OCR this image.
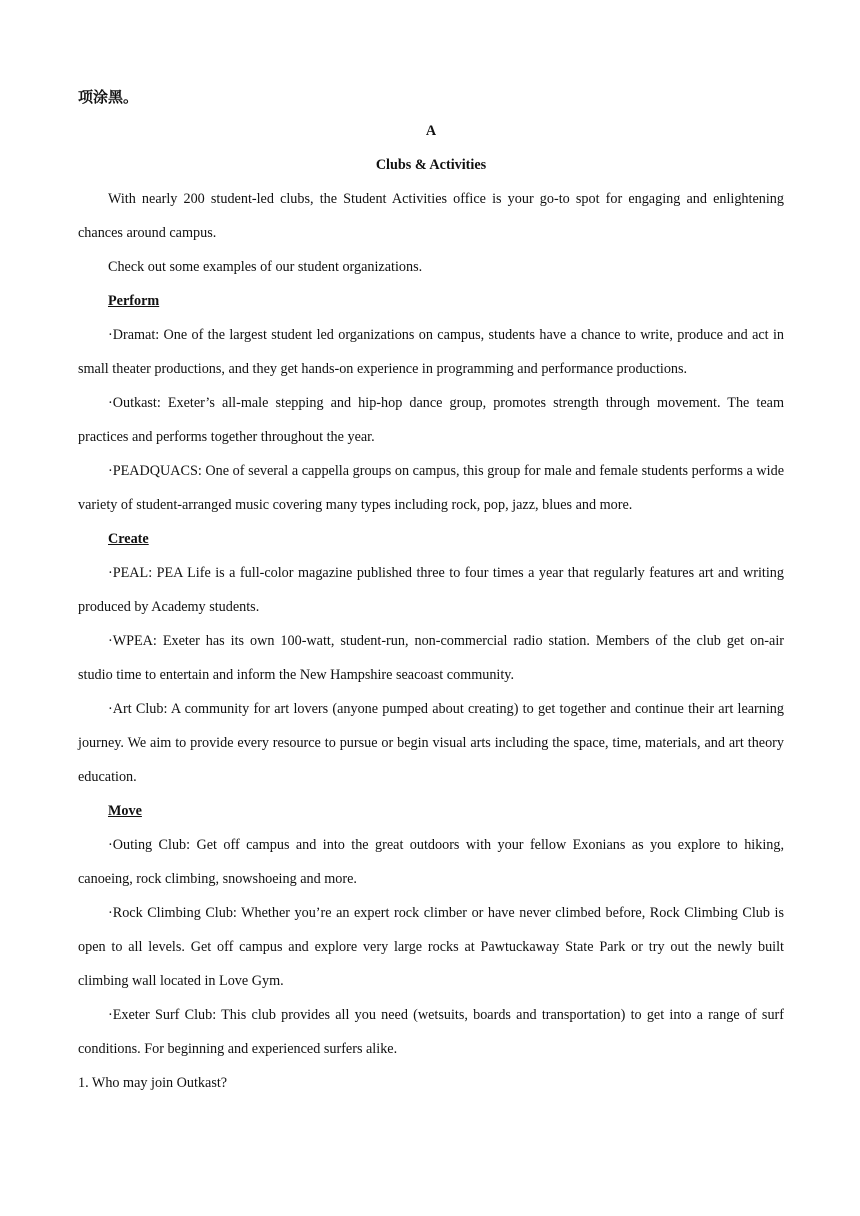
项涂黑。

A

Clubs & Activities

With nearly 200 student-led clubs, the Student Activities office is your go-to spot for engaging and enlightening chances around campus.

Check out some examples of our student organizations.

Perform

·Dramat: One of the largest student led organizations on campus, students have a chance to write, produce and act in small theater productions, and they get hands-on experience in programming and performance productions.

·Outkast: Exeter’s all-male stepping and hip-hop dance group, promotes strength through movement. The team practices and performs together throughout the year.

·PEADQUACS: One of several a cappella groups on campus, this group for male and female students performs a wide variety of student-arranged music covering many types including rock, pop, jazz, blues and more.

Create

·PEAL: PEA Life is a full-color magazine published three to four times a year that regularly features art and writing produced by Academy students.

·WPEA: Exeter has its own 100-watt, student-run, non-commercial radio station. Members of the club get on-air studio time to entertain and inform the New Hampshire seacoast community.

·Art Club: A community for art lovers (anyone pumped about creating) to get together and continue their art learning journey. We aim to provide every resource to pursue or begin visual arts including the space, time, materials, and art theory education.

Move

·Outing Club: Get off campus and into the great outdoors with your fellow Exonians as you explore to hiking, canoeing, rock climbing, snowshoeing and more.

·Rock Climbing Club: Whether you’re an expert rock climber or have never climbed before, Rock Climbing Club is open to all levels. Get off campus and explore very large rocks at Pawtuckaway State Park or try out the newly built climbing wall located in Love Gym.

·Exeter Surf Club: This club provides all you need (wetsuits, boards and transportation) to get into a range of surf conditions. For beginning and experienced surfers alike.

1. Who may join Outkast?
